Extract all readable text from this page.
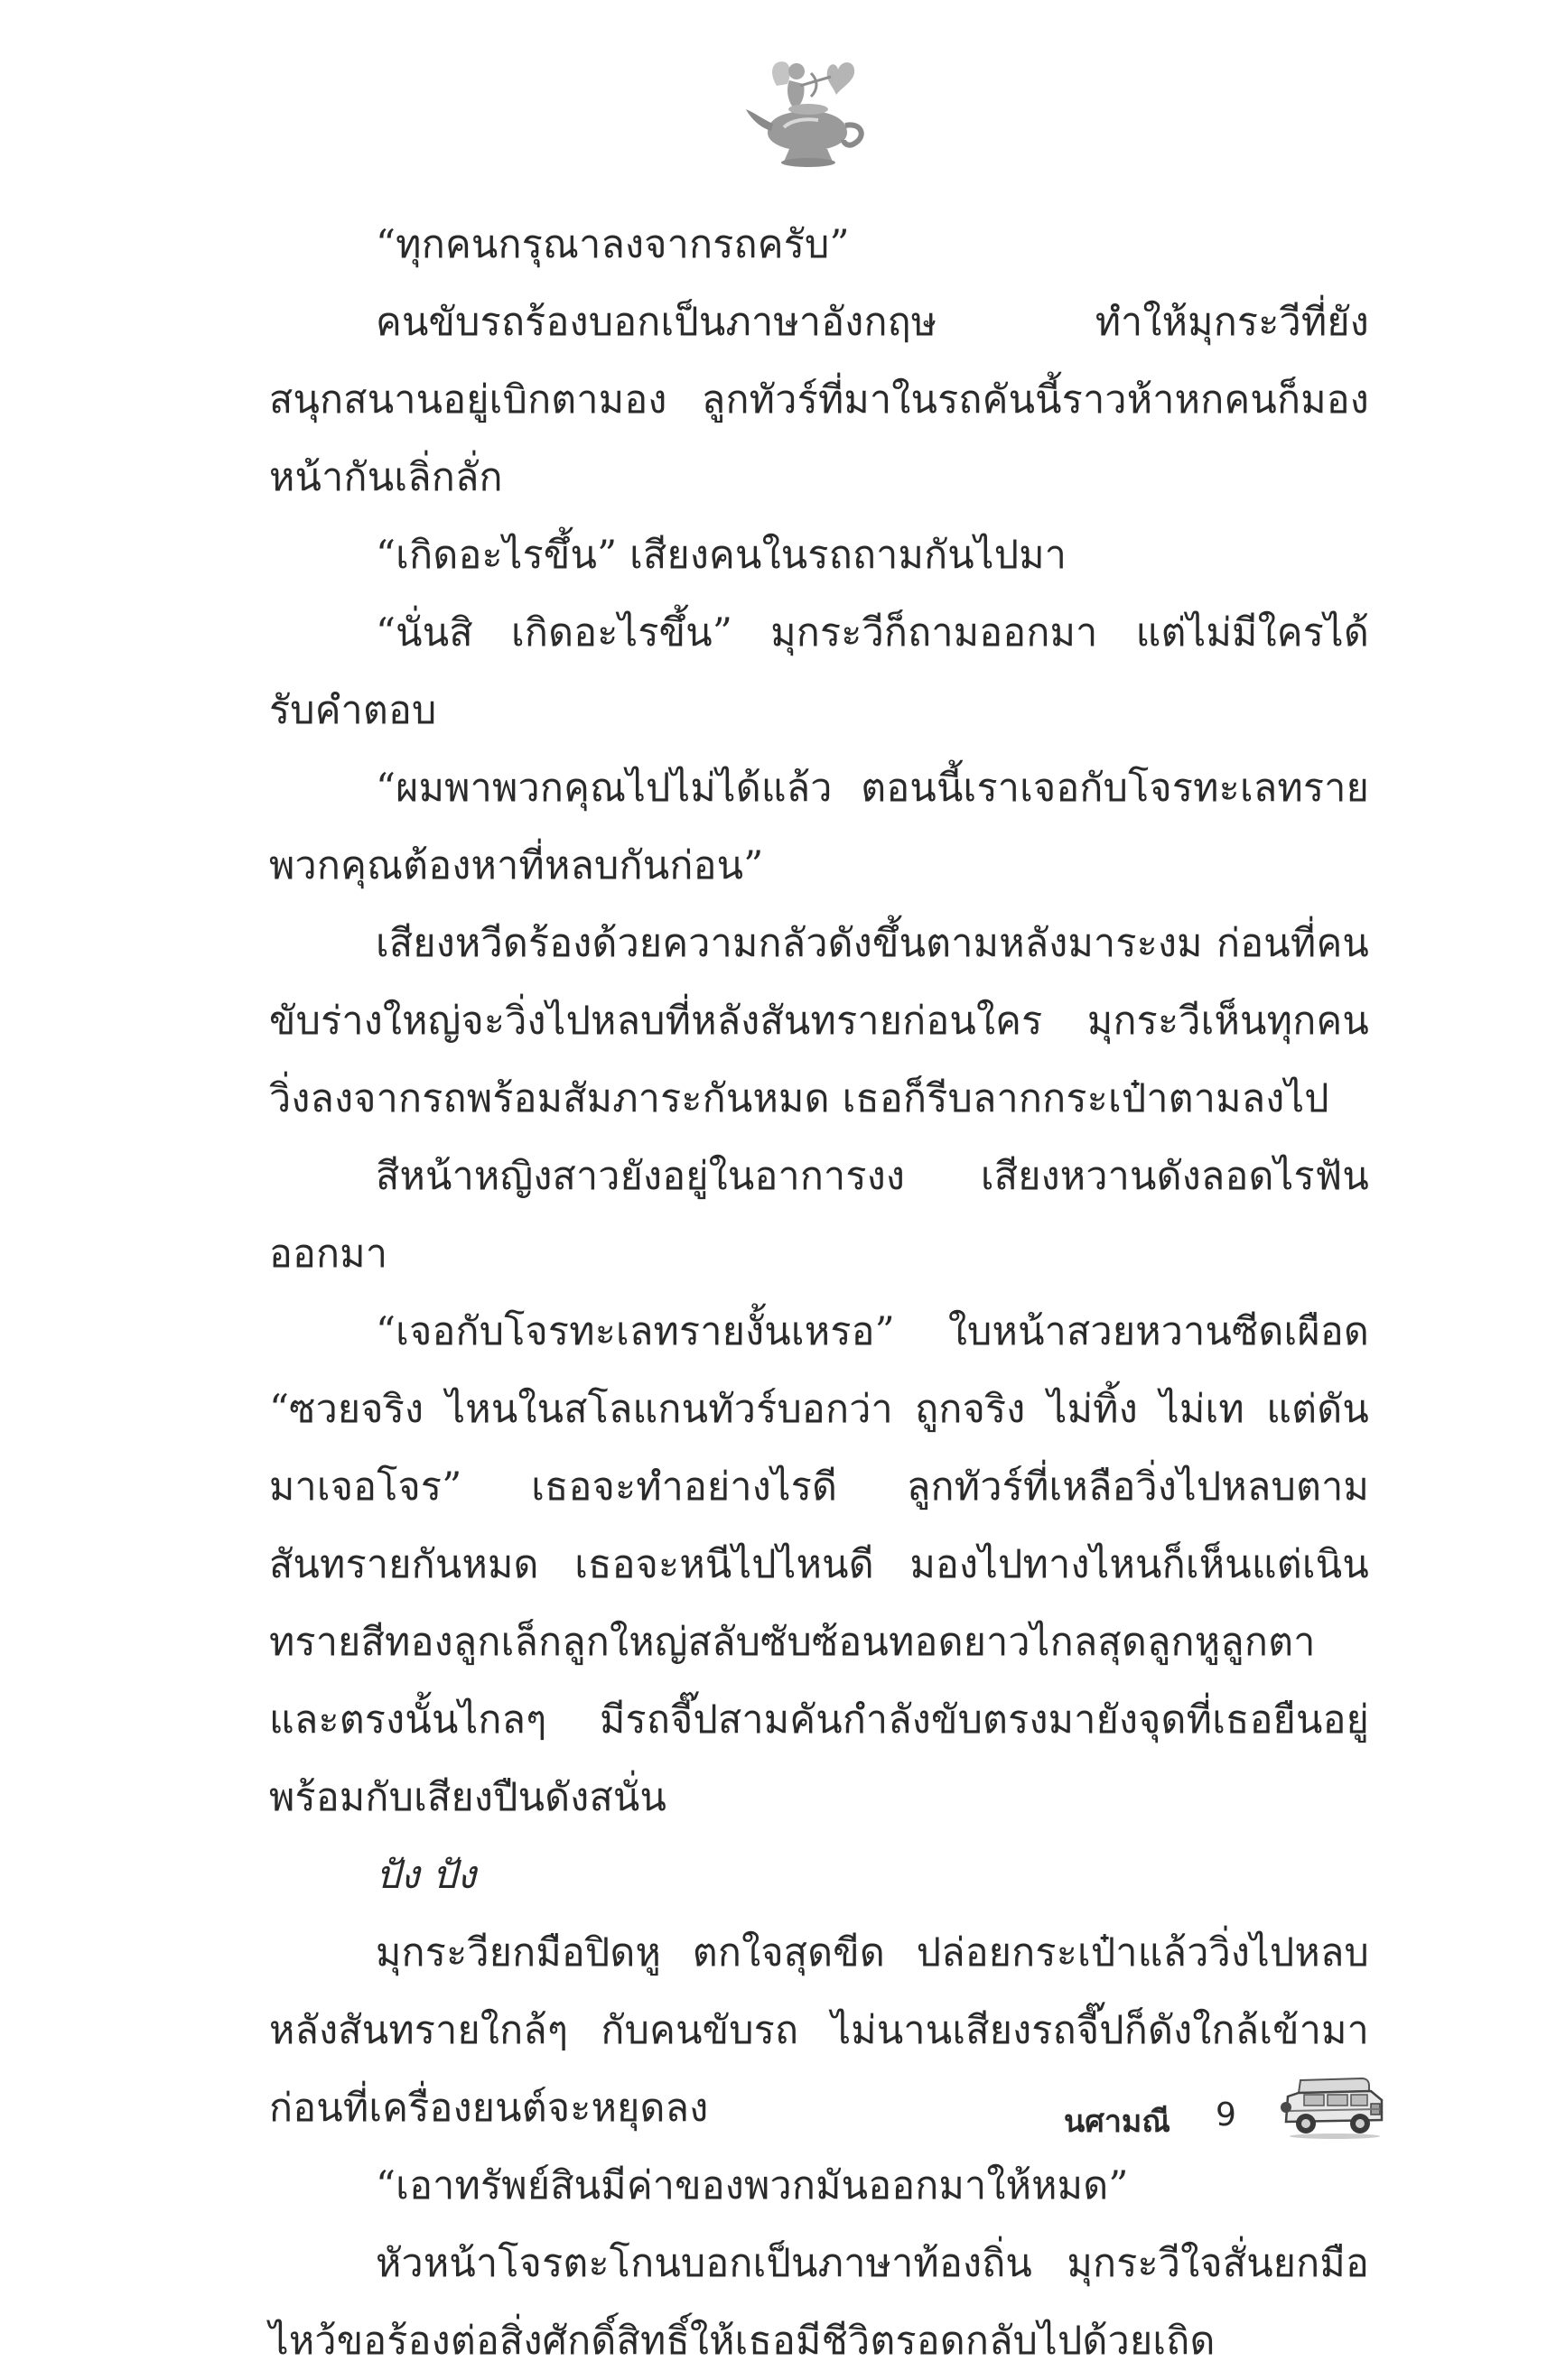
“ทุกคนกรุณาลงจากรถครับ”

คนขับรถร้องบอกเป็นภาษาอังกฤษ ทำให้มุกระวีที่ยังสนุกสนานอยู่เบิกตามอง ลูกทัวร์ที่มาในรถคันนี้ราวห้าหกคนก็มองหน้ากันเลิ่กลั่ก

“เกิดอะไรขึ้น” เสียงคนในรถถามกันไปมา

“นั่นสิ เกิดอะไรขึ้น” มุกระวีก็ถามออกมา แต่ไม่มีใครได้รับคำตอบ

“ผมพาพวกคุณไปไม่ได้แล้ว ตอนนี้เราเจอกับโจรทะเลทรายพวกคุณต้องหาที่หลบกันก่อน”

เสียงหวีดร้องด้วยความกลัวดังขึ้นตามหลังมาระงม ก่อนที่คนขับร่างใหญ่จะวิ่งไปหลบที่หลังสันทรายก่อนใคร มุกระวีเห็นทุกคนวิ่งลงจากรถพร้อมสัมภาระกันหมด เธอก็รีบลากกระเป๋าตามลงไป

สีหน้าหญิงสาวยังอยู่ในอาการงง เสียงหวานดังลอดไรฟันออกมา

“เจอกับโจรทะเลทรายงั้นเหรอ” ใบหน้าสวยหวานซีดเผือด “ซวยจริง ไหนในสโลแกนทัวร์บอกว่า ถูกจริง ไม่ทิ้ง ไม่เท แต่ดันมาเจอโจร” เธอจะทำอย่างไรดี ลูกทัวร์ที่เหลือวิ่งไปหลบตามสันทรายกันหมด เธอจะหนีไปไหนดี มองไปทางไหนก็เห็นแต่เนินทรายสีทองลูกเล็กลูกใหญ่สลับซับซ้อนทอดยาวไกลสุดลูกหูลูกตา และตรงนั้นไกลๆ มีรถจี๊ปสามคันกำลังขับตรงมายังจุดที่เธอยืนอยู่ พร้อมกับเสียงปืนดังสนั่น

ปัง ปัง

มุกระวียกมือปิดหู ตกใจสุดขีด ปล่อยกระเป๋าแล้ววิ่งไปหลบหลังสันทรายใกล้ๆ กับคนขับรถ ไม่นานเสียงรถจี๊ปก็ดังใกล้เข้ามาก่อนที่เครื่องยนต์จะหยุดลง

“เอาทรัพย์สินมีค่าของพวกมันออกมาให้หมด”

หัวหน้าโจรตะโกนบอกเป็นภาษาท้องถิ่น มุกระวีใจสั่นยกมือไหว้ขอร้องต่อสิ่งศักดิ์สิทธิ์ให้เธอมีชีวิตรอดกลับไปด้วยเถิด

นศามณี 9
